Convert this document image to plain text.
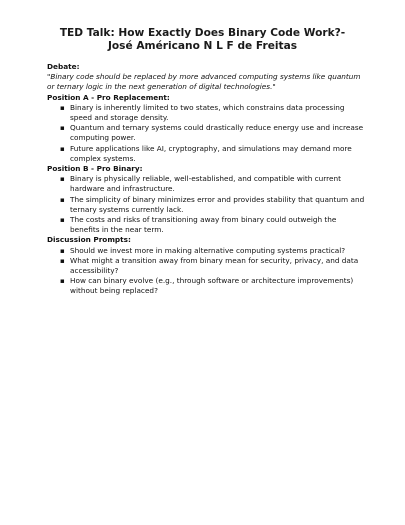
TED Talk: How Exactly Does Binary Code Work?-
José Américano N L F de Freitas

Debate:

"Binary code should be replaced by more advanced computing systems like quantum or ternary logic in the next generation of digital technologies."

Position A - Pro Replacement:

▪ Binary is inherently limited to two states, which constrains data processing speed and storage density.
▪ Quantum and ternary systems could drastically reduce energy use and increase computing power.
▪ Future applications like AI, cryptography, and simulations may demand more complex systems.

Position B - Pro Binary:

▪ Binary is physically reliable, well-established, and compatible with current hardware and infrastructure.
▪ The simplicity of binary minimizes error and provides stability that quantum and ternary systems currently lack.
▪ The costs and risks of transitioning away from binary could outweigh the benefits in the near term.

Discussion Prompts:

▪ Should we invest more in making alternative computing systems practical?
▪ What might a transition away from binary mean for security, privacy, and data accessibility?
▪ How can binary evolve (e.g., through software or architecture improvements) without being replaced?
